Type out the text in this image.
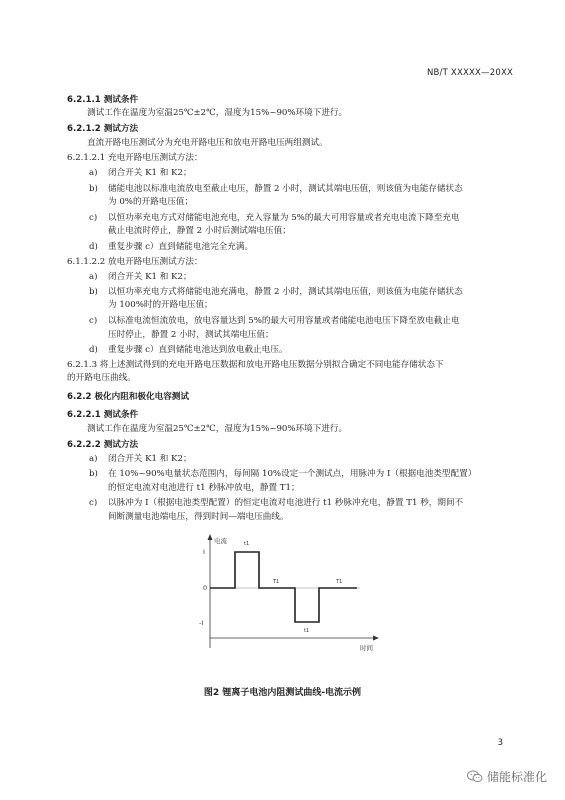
NB/T XXXXX—20XX
6.2.1.1 测试条件
测试工作在温度为室温25℃±2℃，湿度为15%~90%环境下进行。
6.2.1.2 测试方法
直流开路电压测试分为充电开路电压和放电开路电压两组测试。
6.2.1.2.1 充电开路电压测试方法：
a) 闭合开关 K1 和 K2；
b) 储能电池以标准电流放电至截止电压，静置 2 小时，测试其端电压值，则该值为电能存储状态
为 0%的开路电压值；
c) 以恒功率充电方式对储能电池充电，充入容量为 5%的最大可用容量或者充电电流下降至充电
截止电流时停止，静置 2 小时后测试端电压值；
d) 重复步骤 c）直到储能电池完全充满。
6.1.1.2.2 放电开路电压测试方法：
a) 闭合开关 K1 和 K2；
b) 以恒功率充电方式将储能电池充满电，静置 2 小时，测试其端电压值，则该值为电能存储状态
为 100%时的开路电压值；
c) 以标准电流恒流放电，放电容量达到 5%的最大可用容量或者储能电池电压下降至放电截止电
压时停止，静置 2 小时，测试其端电压值；
d) 重复步骤 c）直到储能电池达到放电截止电压。
6.2.1.3 将上述测试得到的充电开路电压数据和放电开路电压数据分别拟合确定不同电能存储状态下
的开路电压曲线。
6.2.2 极化内阻和极化电容测试
6.2.2.1 测试条件
测试工作在温度为室温25℃±2℃，湿度为15%~90%环境下进行。
6.2.2.2 测试方法
a) 闭合开关 K1 和 K2；
b) 在 10%~90%电量状态范围内，每间隔 10%设定一个测试点，用脉冲为 I（根据电池类型配置）
的恒定电流对电池进行 t1 秒脉冲放电，静置 T1；
c) 以脉冲为 I（根据电池类型配置）的恒定电流对电池进行 t1 秒脉冲充电，静置 T1 秒，期间不
间断测量电池端电压，得到时间—端电压曲线。
电流
I
0
-I
t1
T1	T1
t1
时间
图2 锂离子电池内阻测试曲线-电流示例
3
储能标准化
